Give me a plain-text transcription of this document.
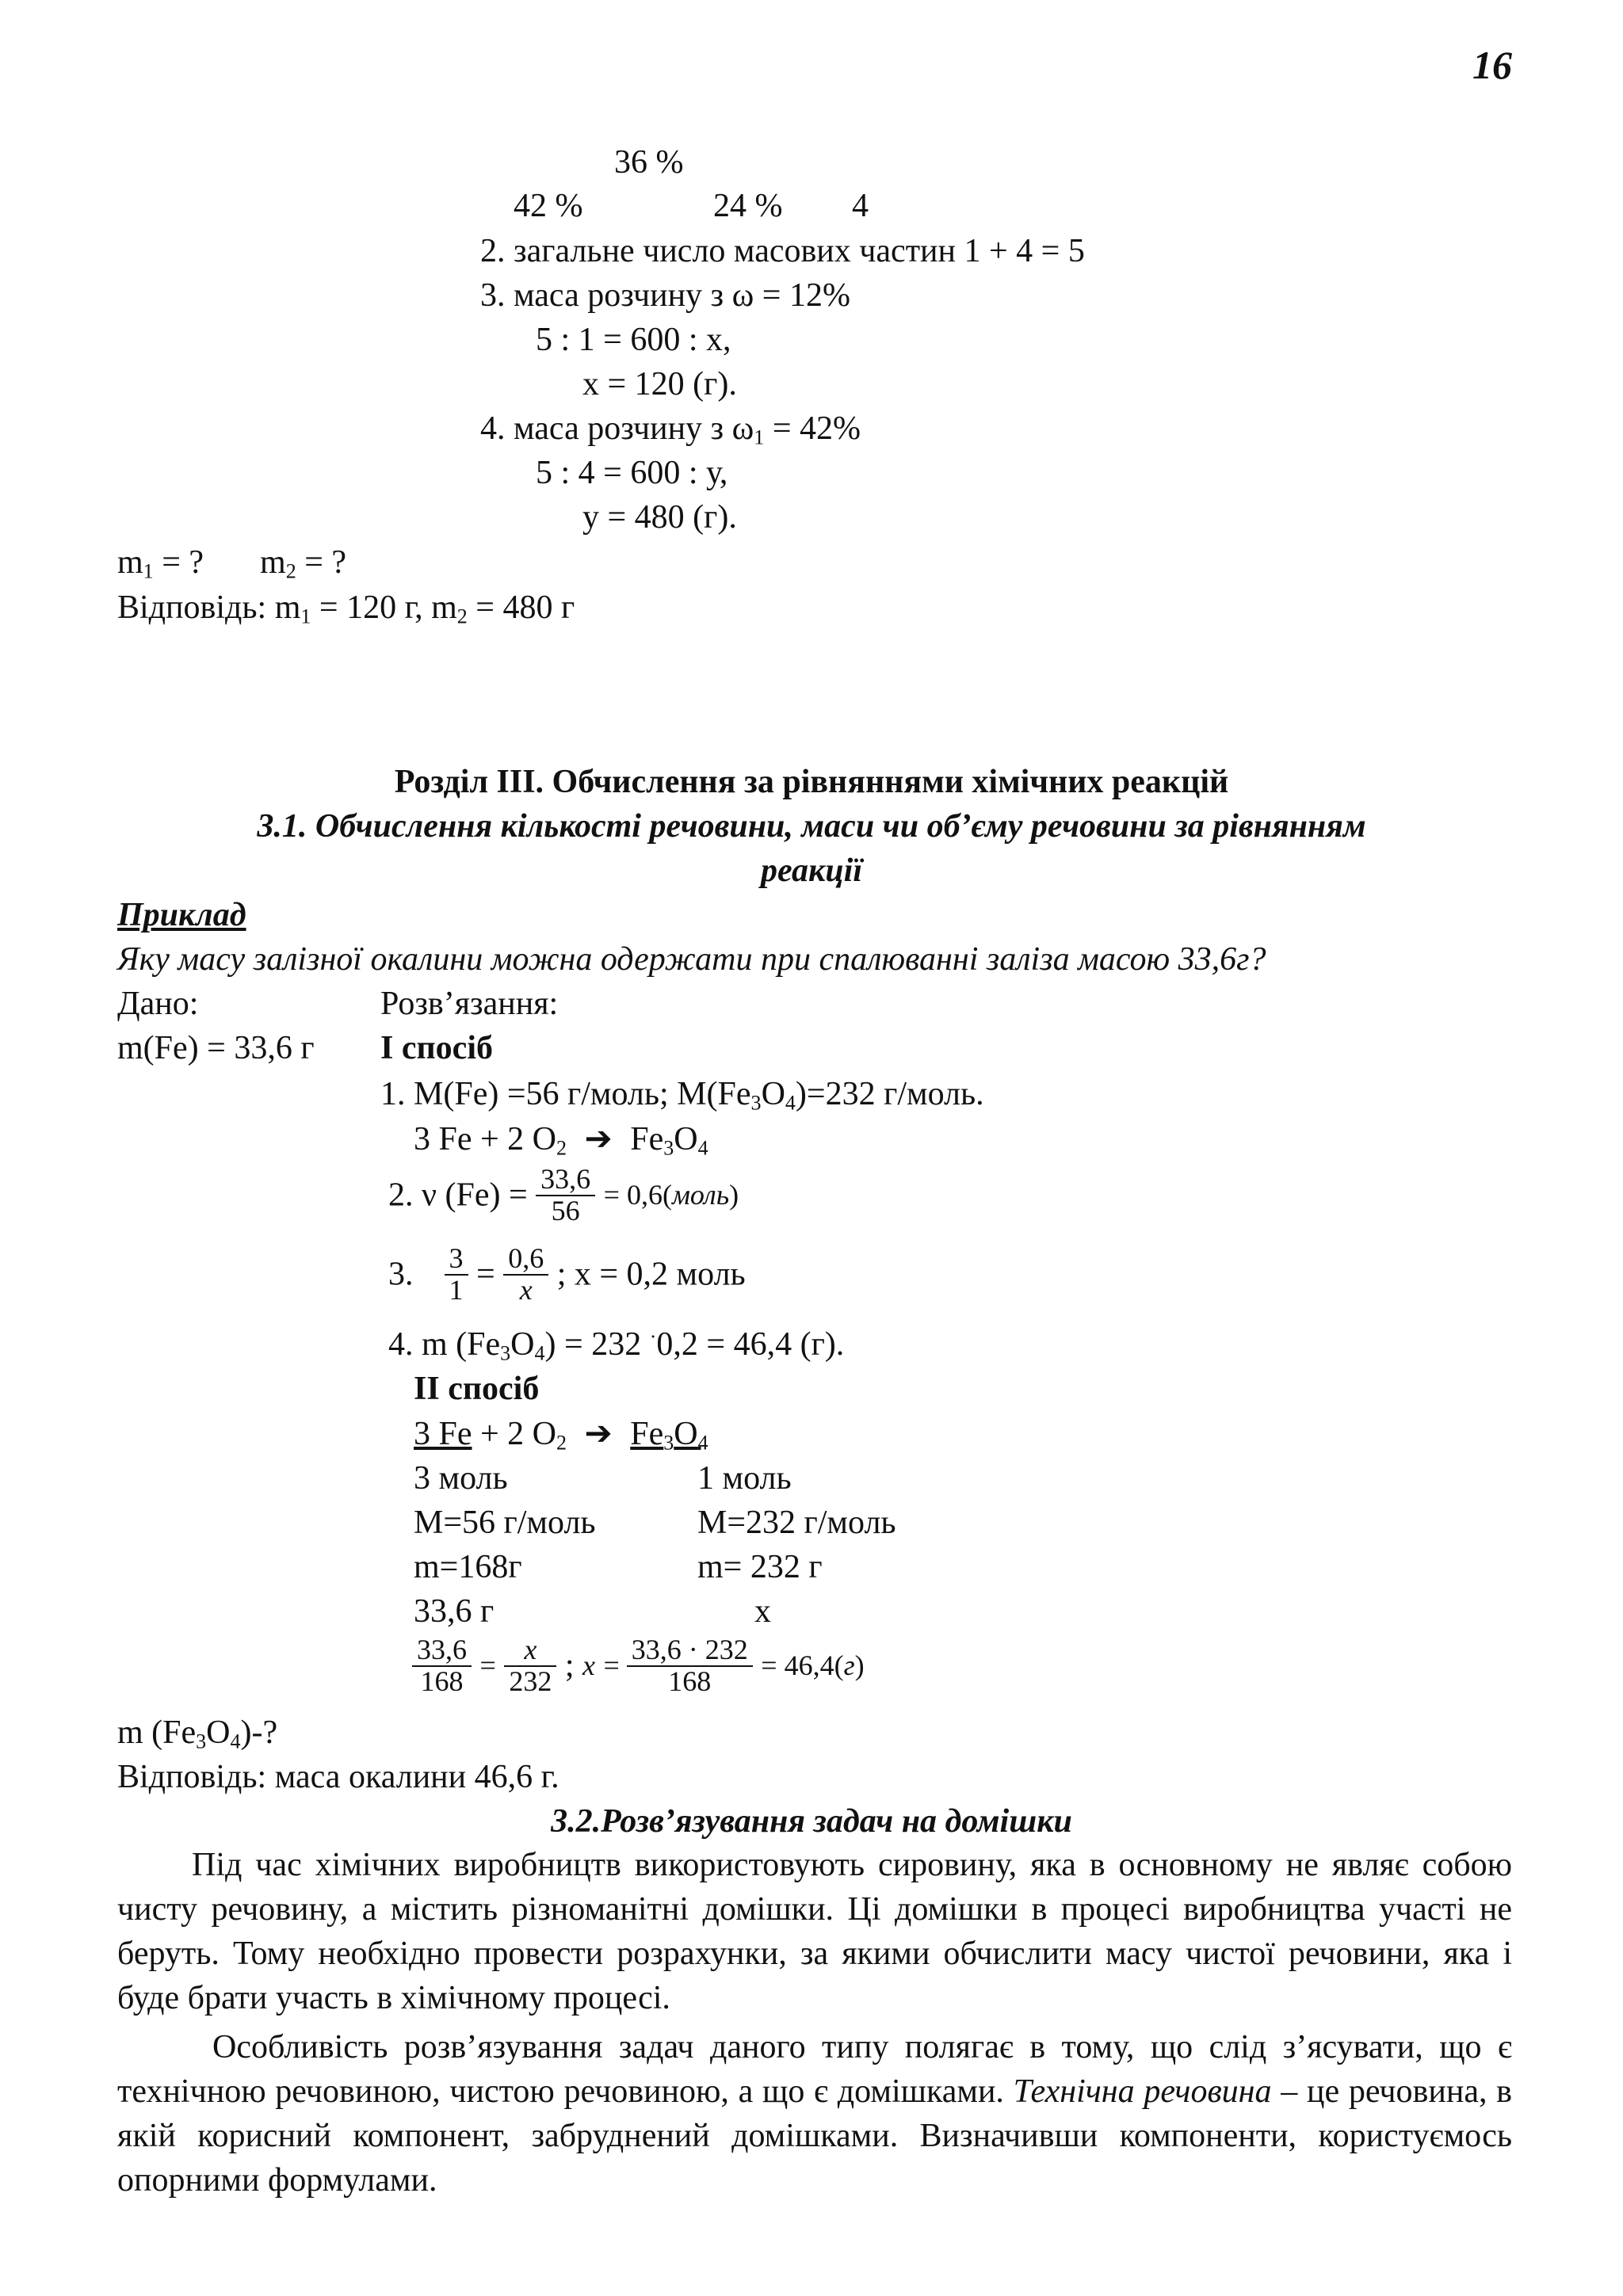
16
36 %
42 %	24 % 4
2. загальне число масових частин 1 + 4 = 5
3. маса розчину з ω = 12%
5 : 1 = 600 : х,
х = 120 (г).
4. маса розчину з $\omega_1 = 42\%$
5 : 4 = 600 : у,
у = 480 (г).
$m_1$ = ? $m_2$ = ?
Відповідь: $m_1 = 120$ г, $m_2 = 480$ г
Розділ ІІІ. Обчислення за рівняннями хімічних реакцій
3.1. Обчислення кількості речовини, маси чи об’єму речовини за рівнянням
реакції
Приклад
Яку масу залізної окалини можна одержати при спалюванні заліза масою 33,6г?
Дано:	Розв’язання:
m(Fe) = 33,6 г І спосіб
1. M(Fe) =56 г/моль; $M(Fe_3O_4)=232$ г/моль.
3 Fe + 2 $O_2$ ➔ $Fe_3O_4$
2. ν $(Fe) = \frac{33,6}{56}$ = 0,6(моль)
3. $\frac{3}{1} = \frac{0,6}{x}$ ; х = 0,2 моль
4. m $(Fe_3O_4) = 232$ ·0,2 = 46,4 (г).
ІІ спосіб
3 Fe + 2 $O_2$ ➔ $Fe_3O_4$
3 моль	1 моль
M=56 г/моль	M=232 г/моль
m=168г	m= 232 г
33,6 г	х
$\frac{33,6}{168} = \frac{x}{232}$ ; $x = \frac{33,6 \cdot 232}{168} = 46,4(г)$
m $(Fe_3O_4)-$?
Відповідь: маса окалини 46,6 г.
3.2.Розв’язування задач на домішки
Під час хімічних виробництв використовують сировину, яка в основному не являє собою чисту речовину, а містить різноманітні домішки. Ці домішки в процесі виробництва участі не беруть. Тому необхідно провести розрахунки, за якими обчислити масу чистої речовини, яка і буде брати участь в хімічному процесі.
Особливість розв’язування задач даного типу полягає в тому, що слід з’ясувати, що є технічною речовиною, чистою речовиною, а що є домішками. Технічна речовина – це речовина, в якій корисний компонент, забруднений домішками. Визначивши компоненти, користуємось опорними формулами.
